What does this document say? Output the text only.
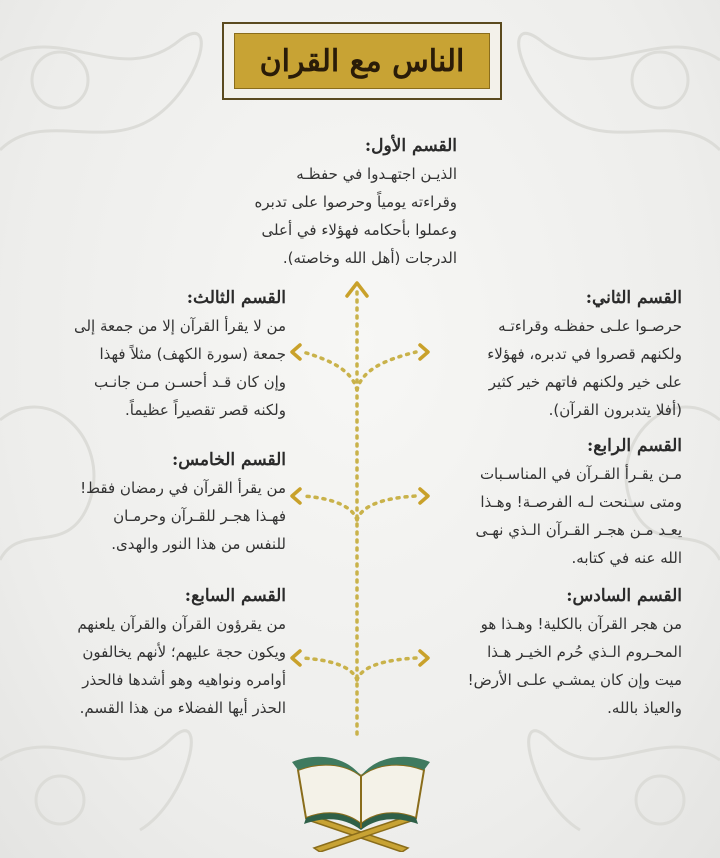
الناس مع القران
القسم الأول:

الذيـن اجتهـدوا في حفظـه

وقراءته يومياً وحرصوا على تدبره

وعملوا بأحكامه فهؤلاء في أعلى

الدرجات (أهل الله وخاصته).

القسم الثاني:

حرصـوا علـى حفظـه وقراءتـه

ولكنهم قصروا في تدبره، فهؤلاء

على خير ولكنهم فاتهم خير كثير

(أفلا يتدبرون القرآن).

القسم الثالث:

من لا يقرأ القرآن إلا من جمعة إلى

جمعة (سورة الكهف) مثلاً فهذا

وإن كان قـد أحسـن مـن جانـب

ولكنه قصر تقصيراً عظيماً.

القسم الرابع:

مـن يقـرأ القـرآن في المناسـبات

ومتى سـنحت لـه الفرصـة! وهـذا

يعـد مـن هجـر القـرآن الـذي نهـى

الله عنه في كتابه.

القسم الخامس:

من يقرأ القرآن في رمضان فقط!

فهـذا هجـر للقـرآن وحرمـان

للنفس من هذا النور والهدى.

القسم السادس:

من هجر القرآن بالكلية! وهـذا هو

المحـروم الـذي حُرم الخيـر هـذا

ميت وإن كان يمشـي علـى الأرض!

والعياذ بالله.

القسم السابع:

من يقرؤون القرآن والقرآن يلعنهم

ويكون حجة عليهم؛ لأنهم يخالفون

أوامره ونواهيه وهو أشدها فالحذر

الحذر أيها الفضلاء من هذا القسم.
